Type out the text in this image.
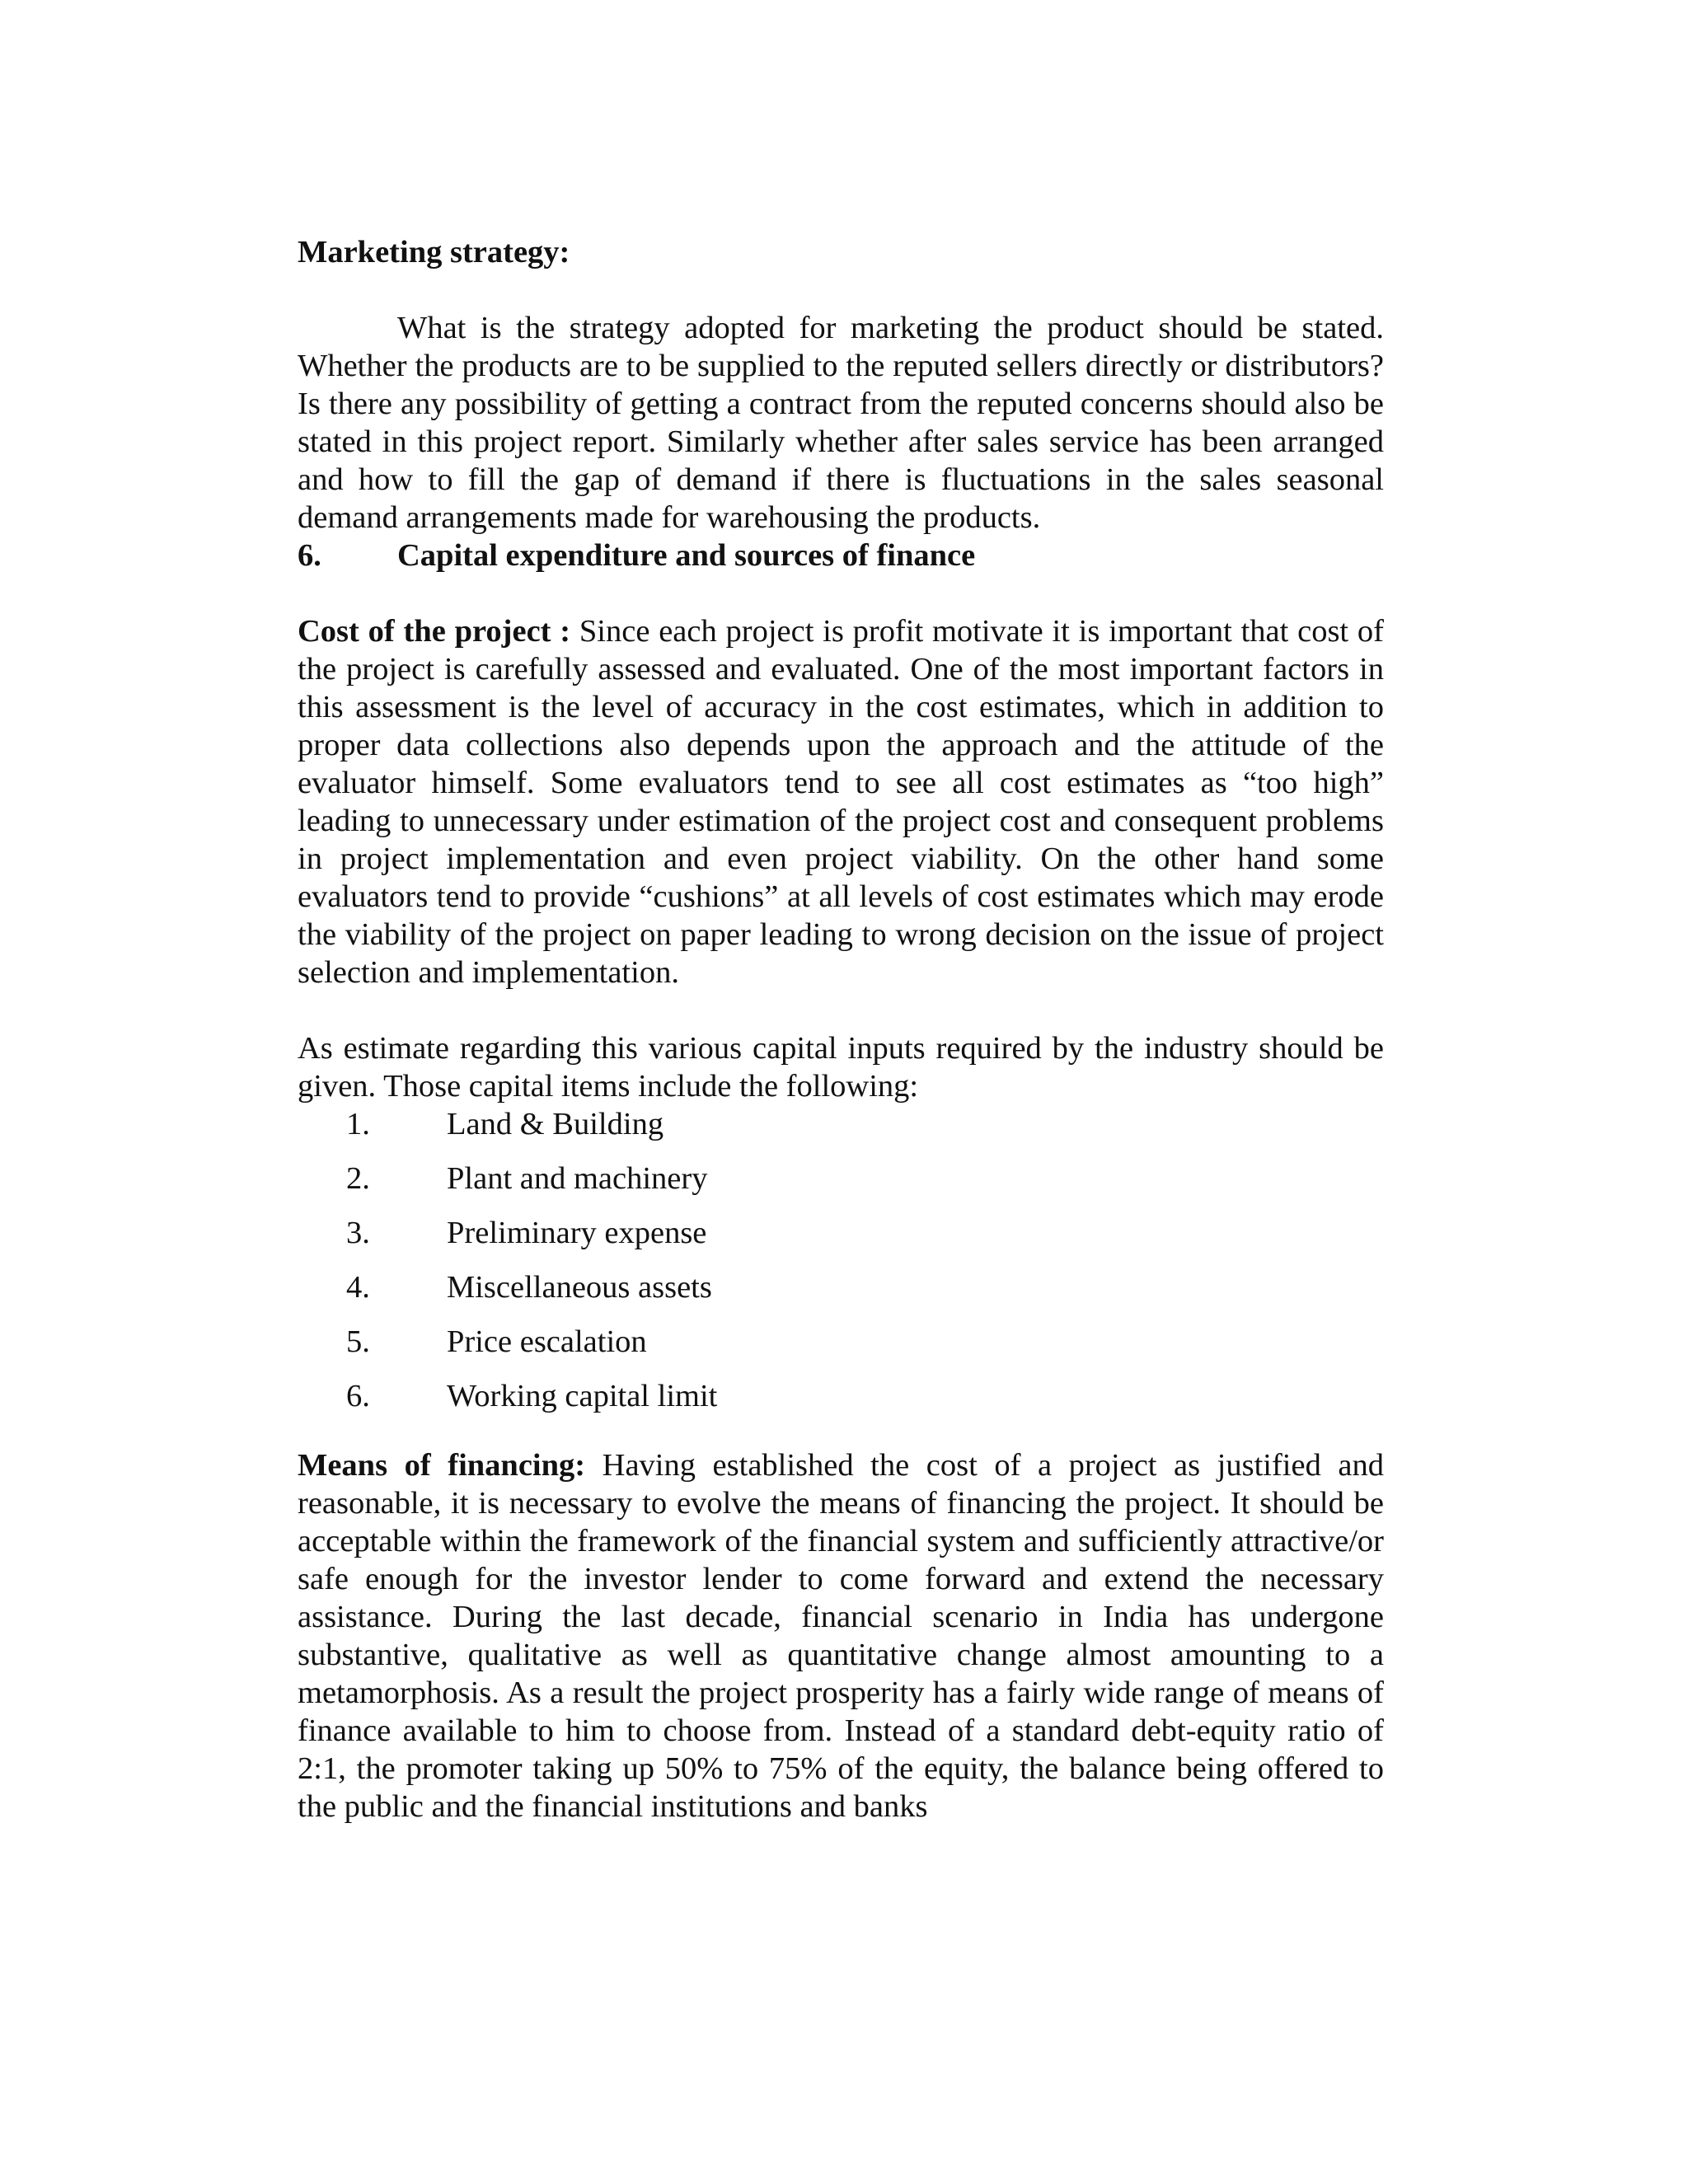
Marketing strategy:

What is the strategy adopted for marketing the product should be stated. Whether the products are to be supplied to the reputed sellers directly or distributors? Is there any possibility of getting a contract from the reputed concerns should also be stated in this project report. Similarly whether after sales service has been arranged and how to fill the gap of demand if there is fluctuations in the sales seasonal demand arrangements made for warehousing the products.

6.	Capital expenditure and sources of finance

Cost of the project : Since each project is profit motivate it is important that cost of the project is carefully assessed and evaluated. One of the most important factors in this assessment is the level of accuracy in the cost estimates, which in addition to proper data collections also depends upon the approach and the attitude of the evaluator himself. Some evaluators tend to see all cost estimates as “too high” leading to unnecessary under estimation of the project cost and consequent problems in project implementation and even project viability. On the other hand some evaluators tend to provide “cushions” at all levels of cost estimates which may erode the viability of the project on paper leading to wrong decision on the issue of project selection and implementation.

As estimate regarding this various capital inputs required by the industry should be given. Those capital items include the following:

1.	Land & Building
2.	Plant and machinery
3.	Preliminary expense
4.	Miscellaneous assets
5.	Price escalation
6.	Working capital limit

Means of financing: Having established the cost of a project as justified and reasonable, it is necessary to evolve the means of financing the project. It should be acceptable within the framework of the financial system and sufficiently attractive/or safe enough for the investor lender to come forward and extend the necessary assistance. During the last decade, financial scenario in India has undergone substantive, qualitative as well as quantitative change almost amounting to a metamorphosis. As a result the project prosperity has a fairly wide range of means of finance available to him to choose from. Instead of a standard debt-equity ratio of 2:1, the promoter taking up 50% to 75% of the equity, the balance being offered to the public and the financial institutions and banks
